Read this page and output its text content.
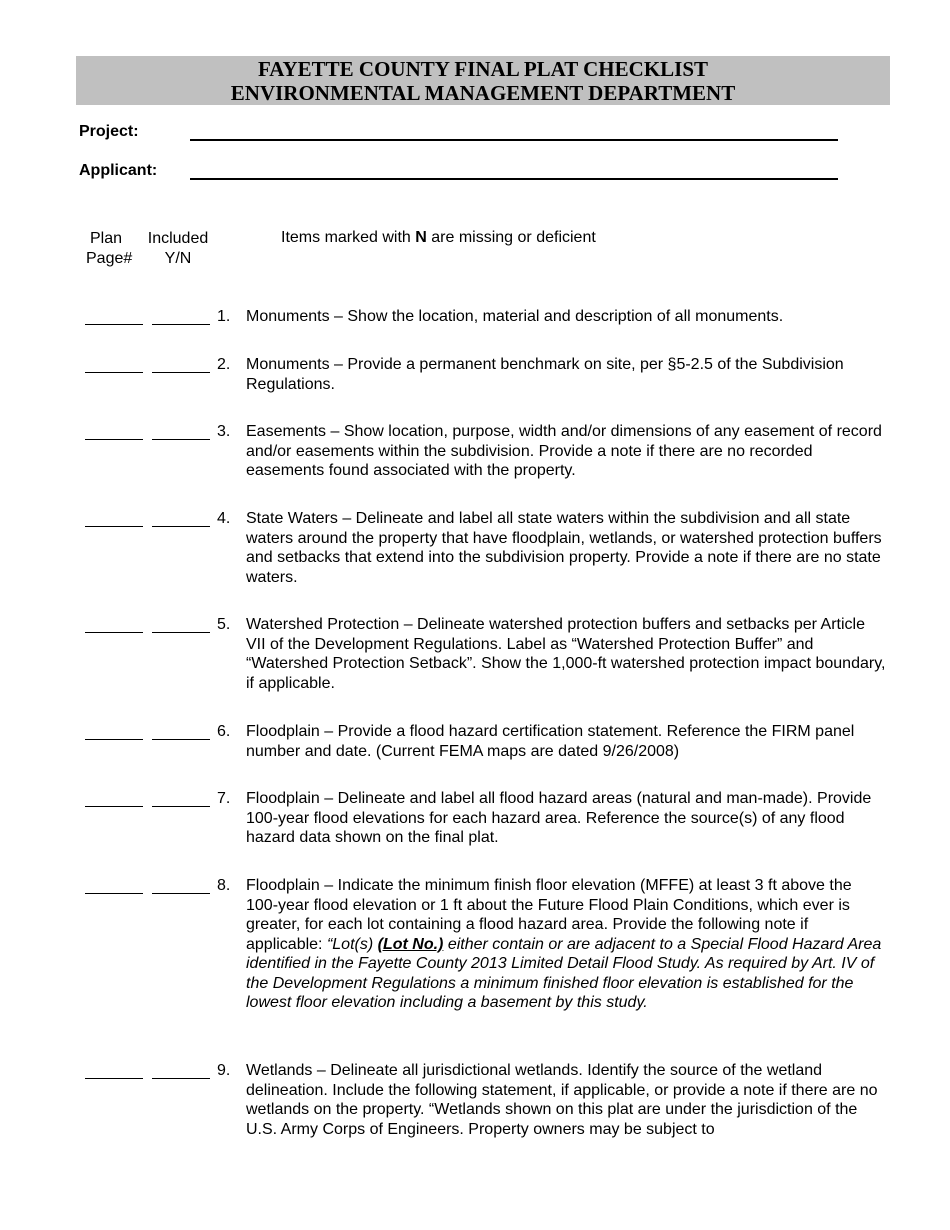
FAYETTE COUNTY FINAL PLAT CHECKLIST
ENVIRONMENTAL MANAGEMENT DEPARTMENT
Project:
Applicant:
Plan
Page#
Included
Y/N
Items marked with N are missing or deficient
1. Monuments – Show the location, material and description of all monuments.
2. Monuments – Provide a permanent benchmark on site, per §5-2.5 of the Subdivision Regulations.
3. Easements – Show location, purpose, width and/or dimensions of any easement of record and/or easements within the subdivision. Provide a note if there are no recorded easements found associated with the property.
4. State Waters – Delineate and label all state waters within the subdivision and all state waters around the property that have floodplain, wetlands, or watershed protection buffers and setbacks that extend into the subdivision property. Provide a note if there are no state waters.
5. Watershed Protection – Delineate watershed protection buffers and setbacks per Article VII of the Development Regulations. Label as “Watershed Protection Buffer” and “Watershed Protection Setback”. Show the 1,000-ft watershed protection impact boundary, if applicable.
6. Floodplain – Provide a flood hazard certification statement. Reference the FIRM panel number and date. (Current FEMA maps are dated 9/26/2008)
7. Floodplain – Delineate and label all flood hazard areas (natural and man-made). Provide 100-year flood elevations for each hazard area. Reference the source(s) of any flood hazard data shown on the final plat.
8. Floodplain – Indicate the minimum finish floor elevation (MFFE) at least 3 ft above the 100-year flood elevation or 1 ft about the Future Flood Plain Conditions, which ever is greater, for each lot containing a flood hazard area. Provide the following note if applicable: “Lot(s) (Lot No.) either contain or are adjacent to a Special Flood Hazard Area identified in the Fayette County 2013 Limited Detail Flood Study. As required by Art. IV of the Development Regulations a minimum finished floor elevation is established for the lowest floor elevation including a basement by this study.
9. Wetlands – Delineate all jurisdictional wetlands. Identify the source of the wetland delineation. Include the following statement, if applicable, or provide a note if there are no wetlands on the property. “Wetlands shown on this plat are under the jurisdiction of the U.S. Army Corps of Engineers. Property owners may be subject to
